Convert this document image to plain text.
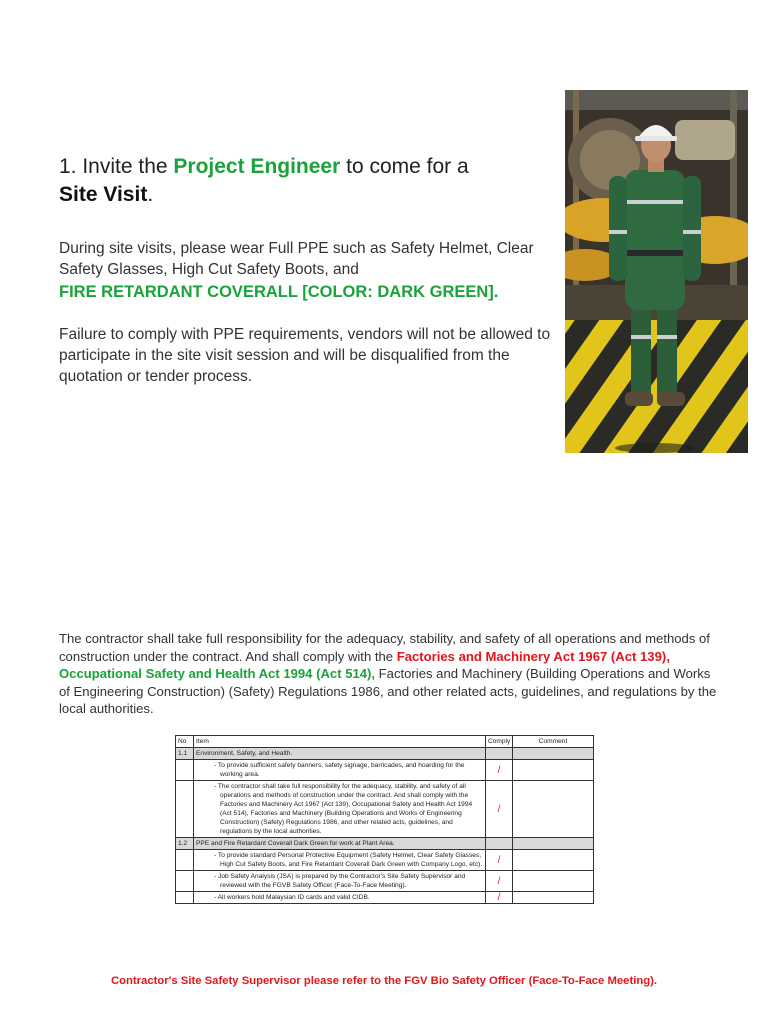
1. Invite the Project Engineer to come for a
Site Visit.
During site visits, please wear Full PPE such as Safety Helmet, Clear Safety Glasses, High Cut Safety Boots, and
FIRE RETARDANT COVERALL [COLOR: DARK GREEN].
Failure to comply with PPE requirements, vendors will not be allowed to participate in the site visit session and will be disqualified from the quotation or tender process.
The contractor shall take full responsibility for the adequacy, stability, and safety of all operations and methods of construction under the contract. And shall comply with the Factories and Machinery Act 1967 (Act 139), Occupational Safety and Health Act 1994 (Act 514), Factories and Machinery (Building Operations and Works of Engineering Construction) (Safety) Regulations 1986, and other related acts, guidelines, and regulations by the local authorities.
No	Item	Comply	Comment
1.1	Environment, Safety, and Health.		
	- To provide sufficient safety banners, safety signage, barricades, and hoarding for the working area.	/	
	- The contractor shall take full responsibility for the adequacy, stability, and safety of all operations and methods of construction under the contract. And shall comply with the Factories and Machinery Act 1967 (Act 139), Occupational Safety and Health Act 1994 (Act 514), Factories and Machinery (Building Operations and Works of Engineering Construction) (Safety) Regulations 1986, and other related acts, guidelines, and regulations by the local authorities.	/	
1.2	PPE and Fire Retardant Coverall Dark Green for work at Plant Area.		
	- To provide standard Personal Protective Equipment (Safety Helmet, Clear Safety Glasses, High Cut Safety Boots, and Fire Retardant Coverall Dark Green with Company Logo, etc).	/	
	- Job Safety Analysis (JSA) is prepared by the Contractor's Site Safety Supervisor and reviewed with the FGVB Safety Officer (Face-To-Face Meeting).	/	
	- All workers hold Malaysian ID cards and valid CIDB.	/	
Contractor's Site Safety Supervisor please refer to the FGV Bio Safety Officer (Face-To-Face Meeting).
